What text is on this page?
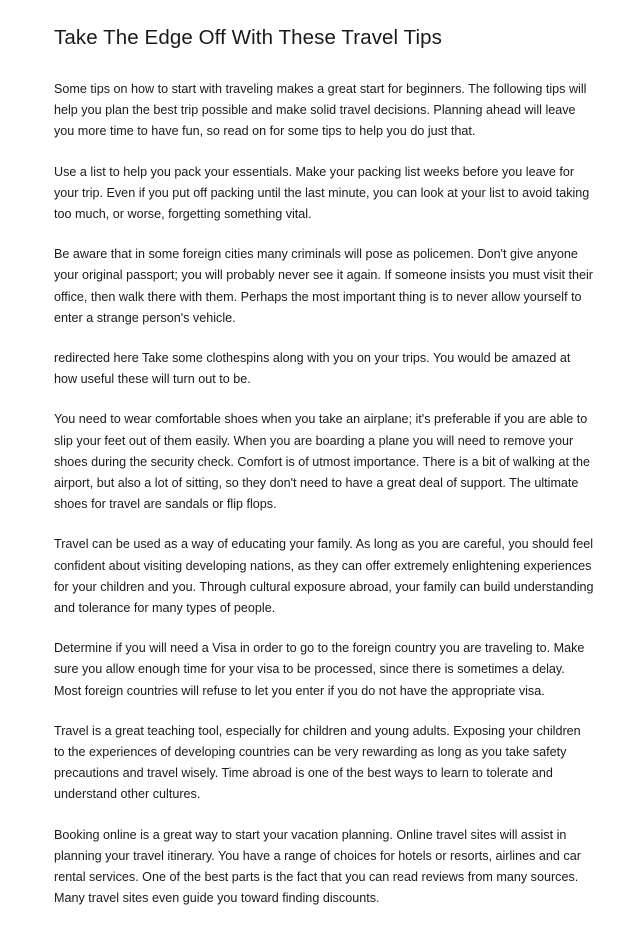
Take The Edge Off With These Travel Tips

Some tips on how to start with traveling makes a great start for beginners. The following tips will help you plan the best trip possible and make solid travel decisions. Planning ahead will leave you more time to have fun, so read on for some tips to help you do just that.

Use a list to help you pack your essentials. Make your packing list weeks before you leave for your trip. Even if you put off packing until the last minute, you can look at your list to avoid taking too much, or worse, forgetting something vital.

Be aware that in some foreign cities many criminals will pose as policemen. Don't give anyone your original passport; you will probably never see it again. If someone insists you must visit their office, then walk there with them. Perhaps the most important thing is to never allow yourself to enter a strange person's vehicle.

redirected here Take some clothespins along with you on your trips. You would be amazed at how useful these will turn out to be.

You need to wear comfortable shoes when you take an airplane; it's preferable if you are able to slip your feet out of them easily. When you are boarding a plane you will need to remove your shoes during the security check. Comfort is of utmost importance. There is a bit of walking at the airport, but also a lot of sitting, so they don't need to have a great deal of support. The ultimate shoes for travel are sandals or flip flops.

Travel can be used as a way of educating your family. As long as you are careful, you should feel confident about visiting developing nations, as they can offer extremely enlightening experiences for your children and you. Through cultural exposure abroad, your family can build understanding and tolerance for many types of people.

Determine if you will need a Visa in order to go to the foreign country you are traveling to. Make sure you allow enough time for your visa to be processed, since there is sometimes a delay. Most foreign countries will refuse to let you enter if you do not have the appropriate visa.

Travel is a great teaching tool, especially for children and young adults. Exposing your children to the experiences of developing countries can be very rewarding as long as you take safety precautions and travel wisely. Time abroad is one of the best ways to learn to tolerate and understand other cultures.

Booking online is a great way to start your vacation planning. Online travel sites will assist in planning your travel itinerary. You have a range of choices for hotels or resorts, airlines and car rental services. One of the best parts is the fact that you can read reviews from many sources. Many travel sites even guide you toward finding discounts.
